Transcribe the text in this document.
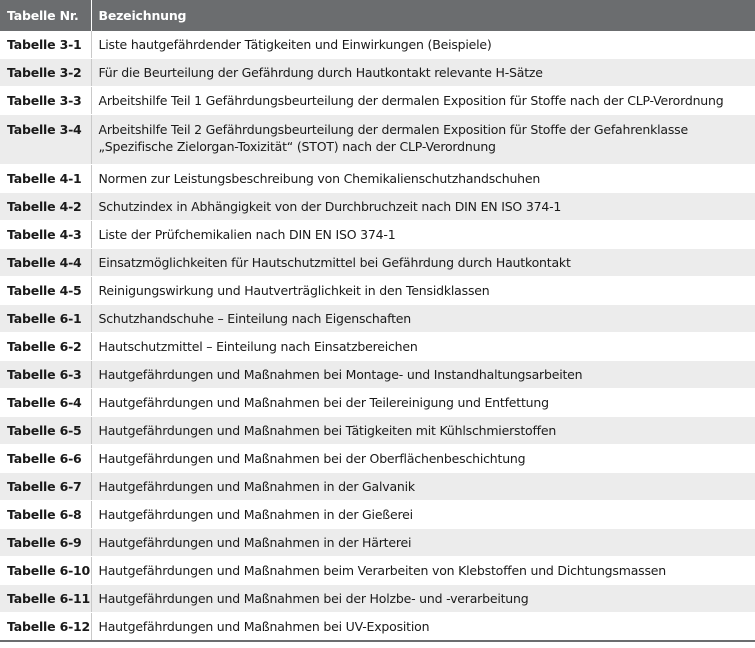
Tabelle Nr.	Bezeichnung
Tabelle 3-1	Liste hautgefährdender Tätigkeiten und Einwirkungen (Beispiele)
Tabelle 3-2	Für die Beurteilung der Gefährdung durch Hautkontakt relevante H-Sätze
Tabelle 3-3	Arbeitshilfe Teil 1 Gefährdungsbeurteilung der dermalen Exposition für Stoffe nach der CLP-Verordnung
Tabelle 3-4	Arbeitshilfe Teil 2 Gefährdungsbeurteilung der dermalen Exposition für Stoffe der Gefahrenklasse „Spezifische Zielorgan-Toxizität“ (STOT) nach der CLP-Verordnung
Tabelle 4-1	Normen zur Leistungsbeschreibung von Chemikalienschutzhandschuhen
Tabelle 4-2	Schutzindex in Abhängigkeit von der Durchbruchzeit nach DIN EN ISO 374-1
Tabelle 4-3	Liste der Prüfchemikalien nach DIN EN ISO 374-1
Tabelle 4-4	Einsatzmöglichkeiten für Hautschutzmittel bei Gefährdung durch Hautkontakt
Tabelle 4-5	Reinigungswirkung und Hautverträglichkeit in den Tensidklassen
Tabelle 6-1	Schutzhandschuhe – Einteilung nach Eigenschaften
Tabelle 6-2	Hautschutzmittel – Einteilung nach Einsatzbereichen
Tabelle 6-3	Hautgefährdungen und Maßnahmen bei Montage- und Instandhaltungsarbeiten
Tabelle 6-4	Hautgefährdungen und Maßnahmen bei der Teilereinigung und Entfettung
Tabelle 6-5	Hautgefährdungen und Maßnahmen bei Tätigkeiten mit Kühlschmierstoffen
Tabelle 6-6	Hautgefährdungen und Maßnahmen bei der Oberflächenbeschichtung
Tabelle 6-7	Hautgefährdungen und Maßnahmen in der Galvanik
Tabelle 6-8	Hautgefährdungen und Maßnahmen in der Gießerei
Tabelle 6-9	Hautgefährdungen und Maßnahmen in der Härterei
Tabelle 6-10	Hautgefährdungen und Maßnahmen beim Verarbeiten von Klebstoffen und Dichtungsmassen
Tabelle 6-11	Hautgefährdungen und Maßnahmen bei der Holzbe- und -verarbeitung
Tabelle 6-12	Hautgefährdungen und Maßnahmen bei UV-Exposition
